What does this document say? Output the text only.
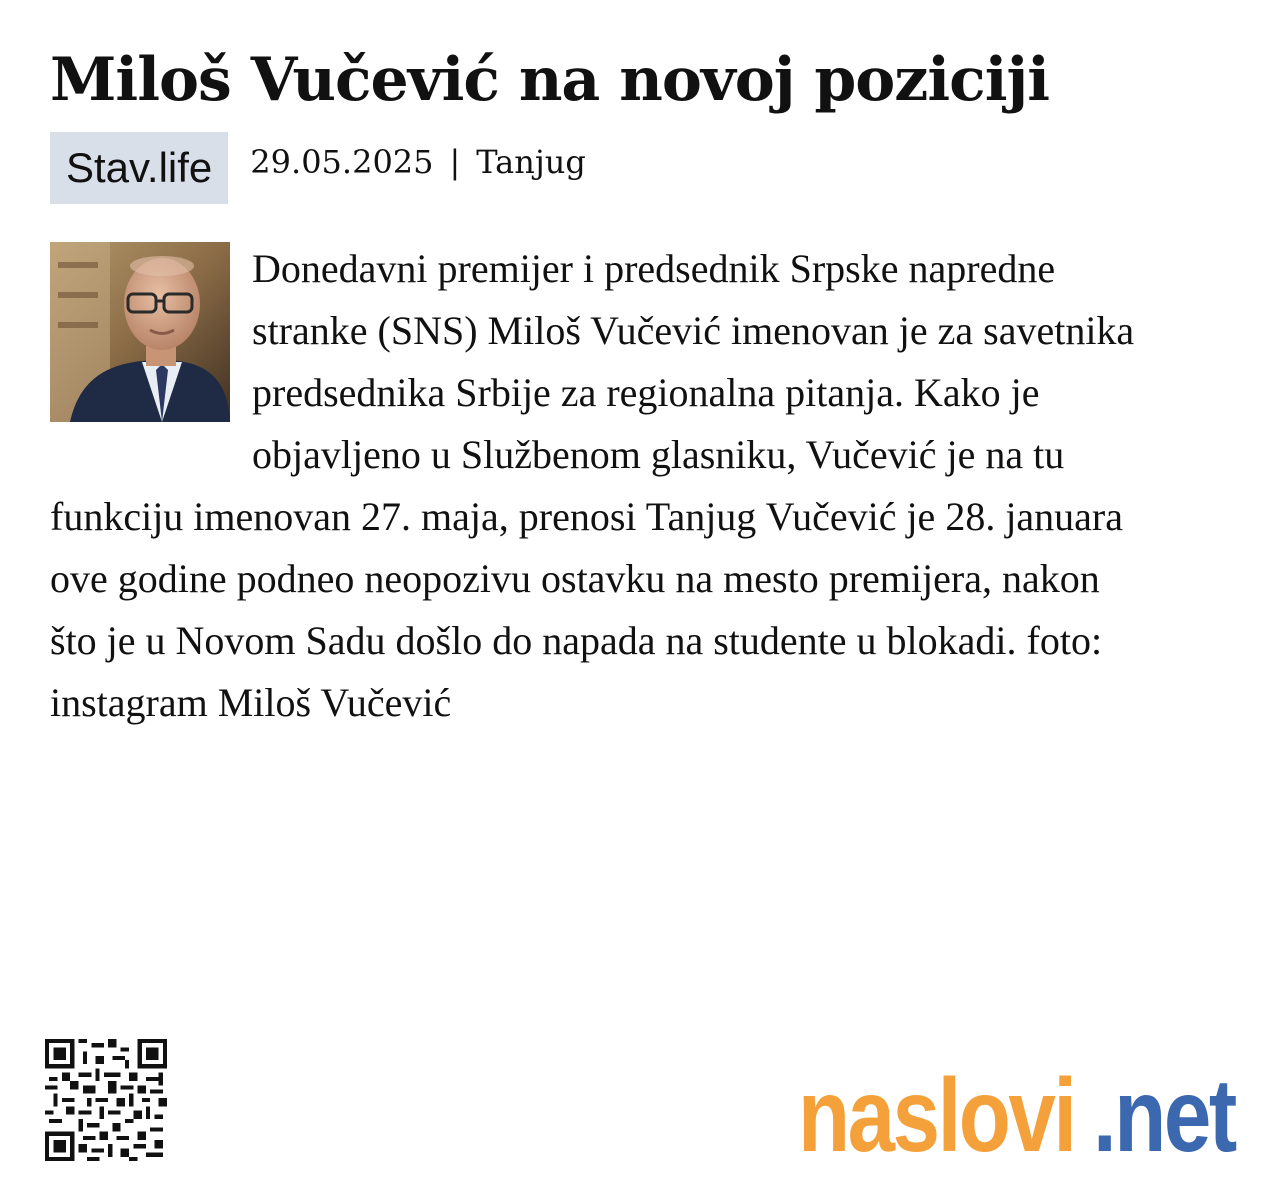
Miloš Vučević na novoj poziciji
Stav.life	29.05.2025 | Tanjug
Donedavni premijer i predsednik Srpske napredne stranke (SNS) Miloš Vučević imenovan je za savetnika predsednika Srbije za regionalna pitanja. Kako je objavljeno u Službenom glasniku, Vučević je na tu funkciju imenovan 27. maja, prenosi Tanjug Vučević je 28. januara ove godine podneo neopozivu ostavku na mesto premijera, nakon što je u Novom Sadu došlo do napada na studente u blokadi. foto: instagram Miloš Vučević
naslovi .net
